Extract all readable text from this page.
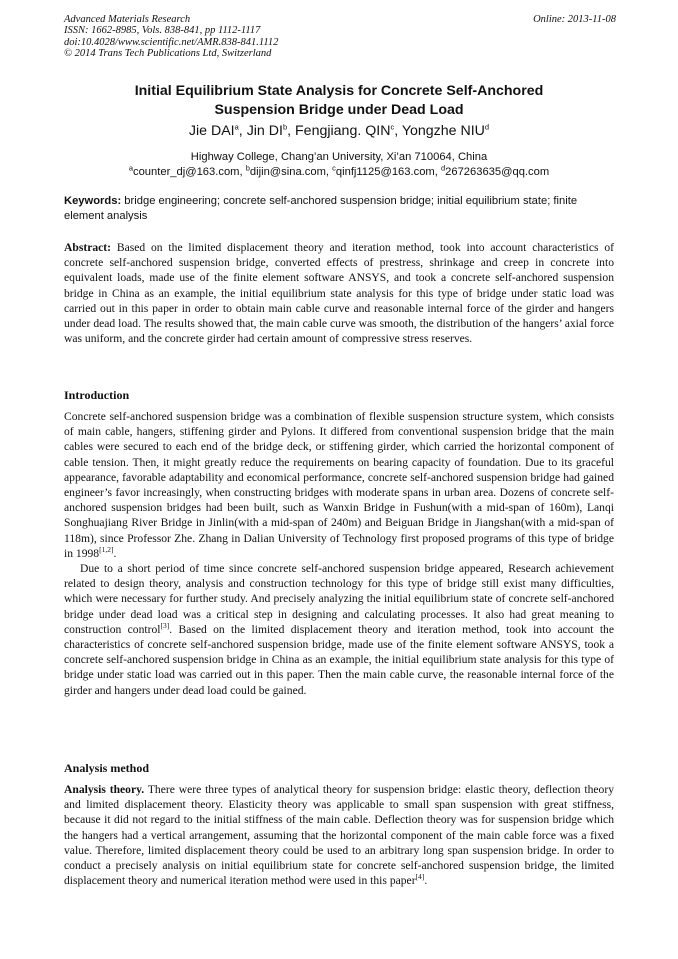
Advanced Materials Research
ISSN: 1662-8985, Vols. 838-841, pp 1112-1117
doi:10.4028/www.scientific.net/AMR.838-841.1112
© 2014 Trans Tech Publications Ltd, Switzerland
Online: 2013-11-08
Initial Equilibrium State Analysis for Concrete Self-Anchored
Suspension Bridge under Dead Load
Jie DAI$^a$, Jin $DI^b$, Fengjiang. QIN$^c$, Yongzhe NIU$^d$
Highway College, Chang’an University, Xi’an 710064, China
$^a$counter_dj@163.com, $^b$dijin@sina.com, $^c$qinfj1125@163.com, $^d$267263635@qq.com
Keywords: bridge engineering; concrete self-anchored suspension bridge; initial equilibrium state; finite element analysis
Abstract: Based on the limited displacement theory and iteration method, took into account characteristics of concrete self-anchored suspension bridge, converted effects of prestress, shrinkage and creep in concrete into equivalent loads, made use of the finite element software ANSYS, and took a concrete self-anchored suspension bridge in China as an example, the initial equilibrium state analysis for this type of bridge under static load was carried out in this paper in order to obtain main cable curve and reasonable internal force of the girder and hangers under dead load. The results showed that, the main cable curve was smooth, the distribution of the hangers’ axial force was uniform, and the concrete girder had certain amount of compressive stress reserves.
Introduction

Concrete self-anchored suspension bridge was a combination of flexible suspension structure system, which consists of main cable, hangers, stiffening girder and Pylons. It differed from conventional suspension bridge that the main cables were secured to each end of the bridge deck, or stiffening girder, which carried the horizontal component of cable tension. Then, it might greatly reduce the requirements on bearing capacity of foundation. Due to its graceful appearance, favorable adaptability and economical performance, concrete self-anchored suspension bridge had gained engineer’s favor increasingly, when constructing bridges with moderate spans in urban area. Dozens of concrete self-anchored suspension bridges had been built, such as Wanxin Bridge in Fushun(with a mid-span of 160m), Lanqi Songhuajiang River Bridge in Jinlin(with a mid-span of 240m) and Beiguan Bridge in Jiangshan(with a mid-span of 118m), since Professor Zhe. Zhang in Dalian University of Technology first proposed programs of this type of bridge in 1998[1,2].

Due to a short period of time since concrete self-anchored suspension bridge appeared, Research achievement related to design theory, analysis and construction technology for this type of bridge still exist many difficulties, which were necessary for further study. And precisely analyzing the initial equilibrium state of concrete self-anchored bridge under dead load was a critical step in designing and calculating processes. It also had great meaning to construction control[3]. Based on the limited displacement theory and iteration method, took into account the characteristics of concrete self-anchored suspension bridge, made use of the finite element software ANSYS, took a concrete self-anchored suspension bridge in China as an example, the initial equilibrium state analysis for this type of bridge under static load was carried out in this paper. Then the main cable curve, the reasonable internal force of the girder and hangers under dead load could be gained.

Analysis method

Analysis theory. There were three types of analytical theory for suspension bridge: elastic theory, deflection theory and limited displacement theory. Elasticity theory was applicable to small span suspension with great stiffness, because it did not regard to the initial stiffness of the main cable. Deflection theory was for suspension bridge which the hangers had a vertical arrangement, assuming that the horizontal component of the main cable force was a fixed value. Therefore, limited displacement theory could be used to an arbitrary long span suspension bridge. In order to conduct a precisely analysis on initial equilibrium state for concrete self-anchored suspension bridge, the limited displacement theory and numerical iteration method were used in this paper[4].
